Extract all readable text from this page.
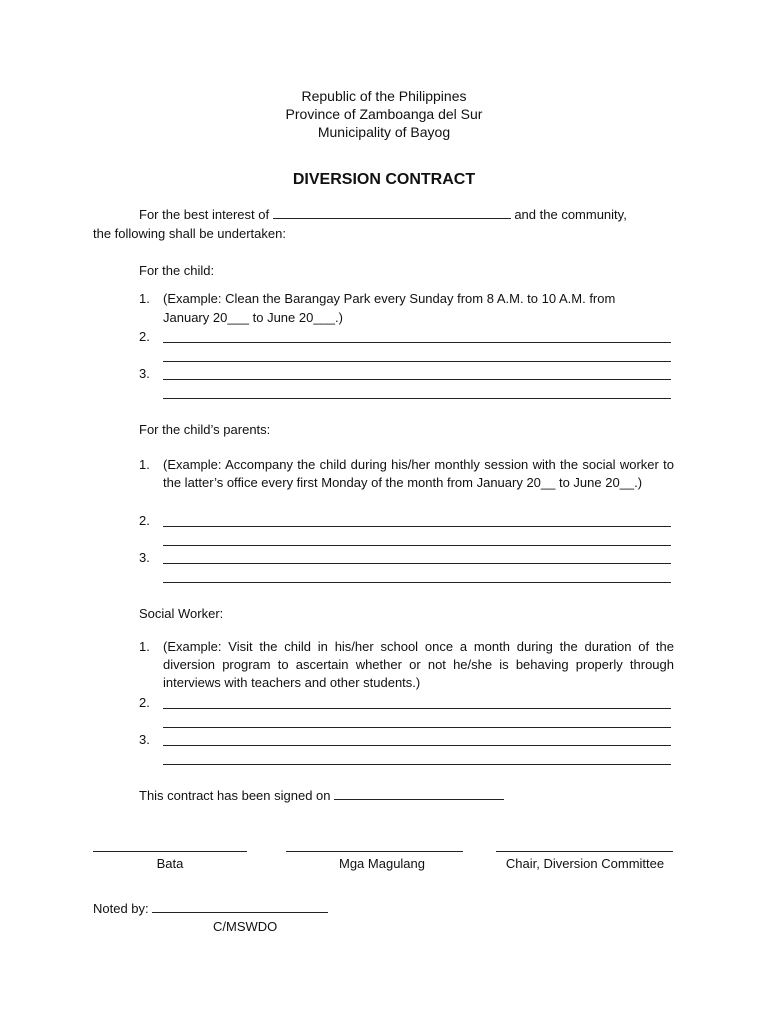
Republic of the Philippines
Province of Zamboanga del Sur
Municipality of Bayog
DIVERSION CONTRACT
For the best interest of	and the community,
the following shall be undertaken:
For the child:
1. (Example: Clean the Barangay Park every Sunday from 8 A.M. to 10 A.M. from
January 20___ to June 20___.)
2.
3.
For the child’s parents:
1. (Example: Accompany the child during his/her monthly session with the social worker to the latter’s office every first Monday of the month from January 20__ to June 20__.)
2.
3.
Social Worker:
1. (Example: Visit the child in his/her school once a month during the duration of the diversion program to ascertain whether or not he/she is behaving properly through interviews with teachers and other students.)
2.
3.
This contract has been signed on
Bata	Mga Magulang	Chair, Diversion Committee
Noted by:
C/MSWDO
